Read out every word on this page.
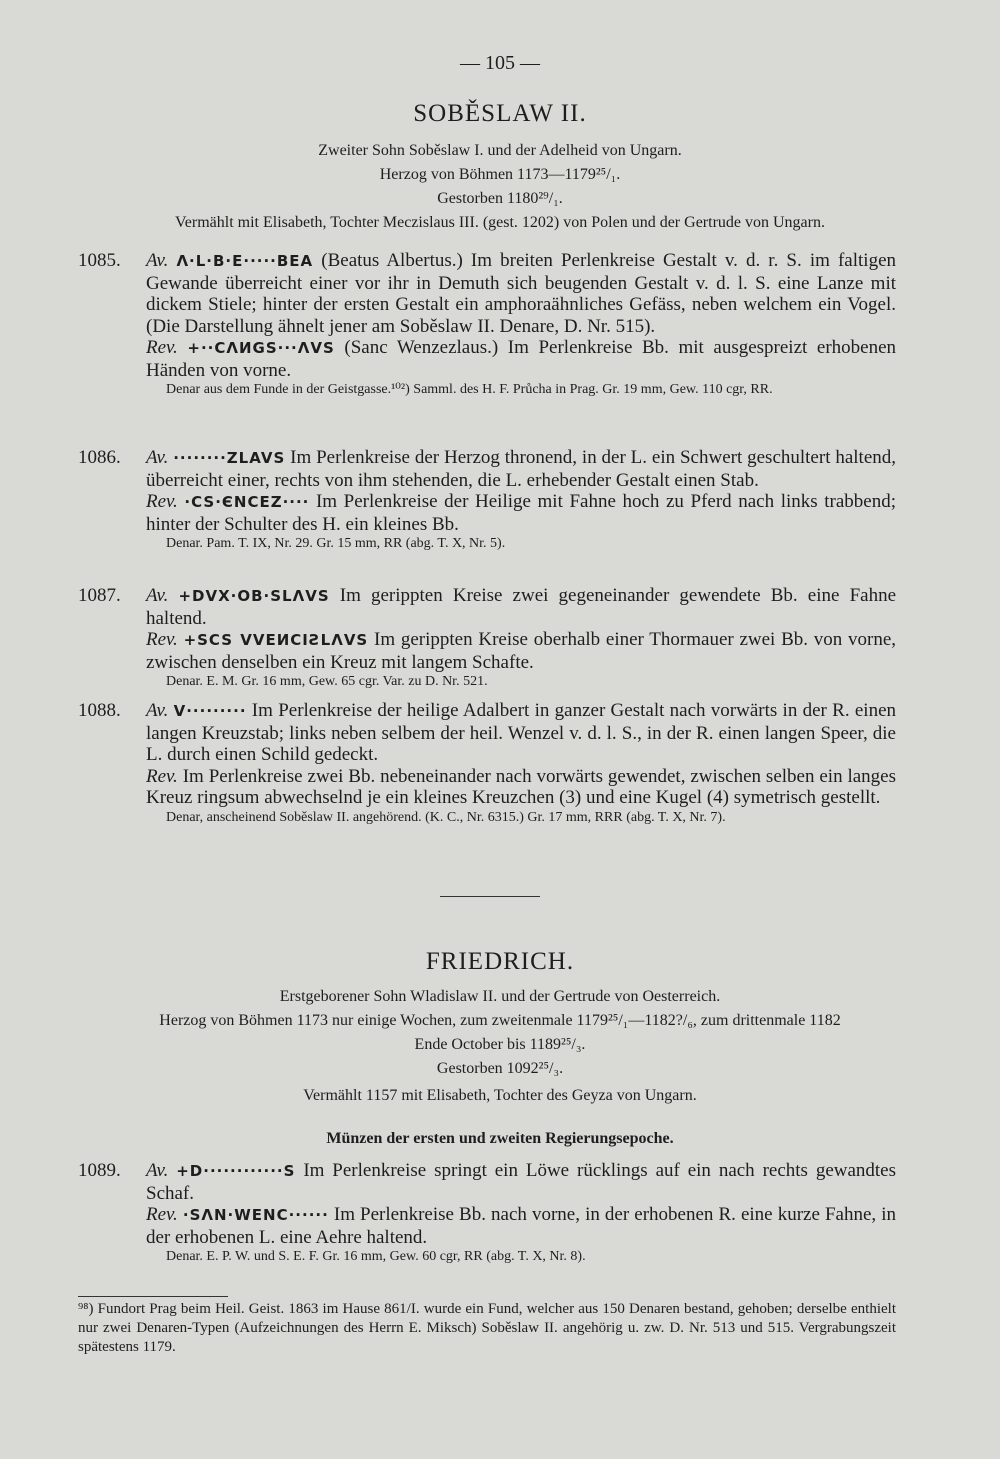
— 105 —
SOBĚSLAW II.
Zweiter Sohn Soběslaw I. und der Adelheid von Ungarn.
Herzog von Böhmen 1173—1179²⁵/₁.
Gestorben 1180²⁹/₁.
Vermählt mit Elisabeth, Tochter Meczislaus III. (gest. 1202) von Polen und der Gertrude von Ungarn.
1085. Av. Λ·L·B·E·····BEA (Beatus Albertus.) Im breiten Perlenkreise Gestalt v. d. r. S. im faltigen Gewande überreicht einer vor ihr in Demuth sich beugenden Gestalt v. d. l. S. eine Lanze mit dickem Stiele; hinter der ersten Gestalt ein amphoraähnliches Gefäss, neben welchem ein Vogel. (Die Darstellung ähnelt jener am Soběslaw II. Denare, D. Nr. 515).
Rev. +··CΛИGS···ΛVS (Sanc Wenzezlaus.) Im Perlenkreise Bb. mit ausgespreizt erhobenen Händen von vorne.
Denar aus dem Funde in der Geistgasse.¹⁰²) Samml. des H. F. Průcha in Prag. Gr. 19 mm, Gew. 110 cgr, RR.
1086. Av. ········ZLAVS Im Perlenkreise der Herzog thronend, in der L. ein Schwert geschultert haltend, überreicht einer, rechts von ihm stehenden, die L. erhebender Gestalt einen Stab.
Rev. ·CS·ЄNCEZ···· Im Perlenkreise der Heilige mit Fahne hoch zu Pferd nach links trabbend; hinter der Schulter des H. ein kleines Bb.
Denar. Pam. T. IX, Nr. 29. Gr. 15 mm, RR (abg. T. X, Nr. 5).
1087. Av. +DVX·OB·SLΛVS Im gerippten Kreise zwei gegeneinander gewendete Bb. eine Fahne haltend.
Rev. +SCS VVEИCIƧLΛVS Im gerippten Kreise oberhalb einer Thormauer zwei Bb. von vorne, zwischen denselben ein Kreuz mit langem Schafte.
Denar. E. M. Gr. 16 mm, Gew. 65 cgr. Var. zu D. Nr. 521.
1088. Av. V········· Im Perlenkreise der heilige Adalbert in ganzer Gestalt nach vorwärts in der R. einen langen Kreuzstab; links neben selbem der heil. Wenzel v. d. l. S., in der R. einen langen Speer, die L. durch einen Schild gedeckt.
Rev. Im Perlenkreise zwei Bb. nebeneinander nach vorwärts gewendet, zwischen selben ein langes Kreuz ringsum abwechselnd je ein kleines Kreuzchen (3) und eine Kugel (4) symetrisch gestellt.
Denar, anscheinend Soběslaw II. angehörend. (K. C., Nr. 6315.) Gr. 17 mm, RRR (abg. T. X, Nr. 7).
FRIEDRICH.
Erstgeborener Sohn Wladislaw II. und der Gertrude von Oesterreich.
Herzog von Böhmen 1173 nur einige Wochen, zum zweitenmale 1179²⁵/₁—1182?/₆, zum drittenmale 1182
Ende October bis 1189²⁵/₃.
Gestorben 1092²⁵/₃.
Vermählt 1157 mit Elisabeth, Tochter des Geyza von Ungarn.
Münzen der ersten und zweiten Regierungsepoche.
1089. Av. +D············S Im Perlenkreise springt ein Löwe rücklings auf ein nach rechts gewandtes Schaf.
Rev. ·SΛN·WENC······ Im Perlenkreise Bb. nach vorne, in der erhobenen R. eine kurze Fahne, in der erhobenen L. eine Aehre haltend.
Denar. E. P. W. und S. E. F. Gr. 16 mm, Gew. 60 cgr, RR (abg. T. X, Nr. 8).
⁹⁸) Fundort Prag beim Heil. Geist. 1863 im Hause 861/I. wurde ein Fund, welcher aus 150 Denaren bestand, gehoben; derselbe enthielt nur zwei Denaren-Typen (Aufzeichnungen des Herrn E. Miksch) Soběslaw II. angehörig u. zw. D. Nr. 513 und 515. Vergrabungszeit spätestens 1179.
